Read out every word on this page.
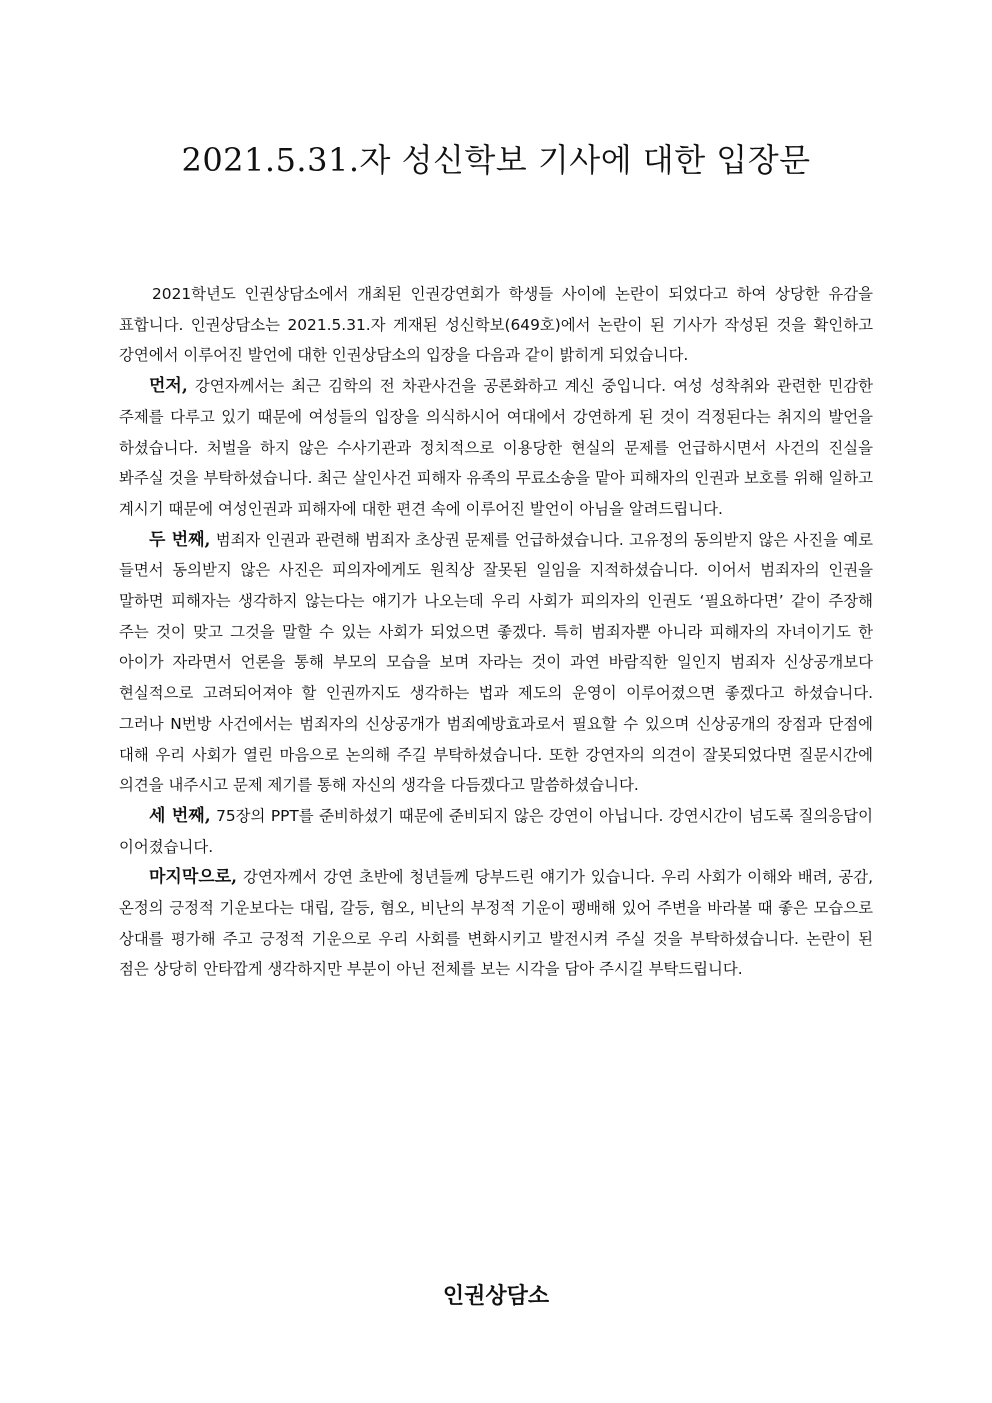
2021.5.31.자 성신학보 기사에 대한 입장문

2021학년도 인권상담소에서 개최된 인권강연회가 학생들 사이에 논란이 되었다고 하여 상당한 유감을 표합니다. 인권상담소는 2021.5.31.자 게재된 성신학보(649호)에서 논란이 된 기사가 작성된 것을 확인하고 강연에서 이루어진 발언에 대한 인권상담소의 입장을 다음과 같이 밝히게 되었습니다.

먼저, 강연자께서는 최근 김학의 전 차관사건을 공론화하고 계신 중입니다. 여성 성착취와 관련한 민감한 주제를 다루고 있기 때문에 여성들의 입장을 의식하시어 여대에서 강연하게 된 것이 걱정된다는 취지의 발언을 하셨습니다. 처벌을 하지 않은 수사기관과 정치적으로 이용당한 현실의 문제를 언급하시면서 사건의 진실을 봐주실 것을 부탁하셨습니다. 최근 살인사건 피해자 유족의 무료소송을 맡아 피해자의 인권과 보호를 위해 일하고 계시기 때문에 여성인권과 피해자에 대한 편견 속에 이루어진 발언이 아님을 알려드립니다.

두 번째, 범죄자 인권과 관련해 범죄자 초상권 문제를 언급하셨습니다. 고유정의 동의받지 않은 사진을 예로 들면서 동의받지 않은 사진은 피의자에게도 원칙상 잘못된 일임을 지적하셨습니다. 이어서 범죄자의 인권을 말하면 피해자는 생각하지 않는다는 얘기가 나오는데 우리 사회가 피의자의 인권도 ‘필요하다면’ 같이 주장해 주는 것이 맞고 그것을 말할 수 있는 사회가 되었으면 좋겠다. 특히 범죄자뿐 아니라 피해자의 자녀이기도 한 아이가 자라면서 언론을 통해 부모의 모습을 보며 자라는 것이 과연 바람직한 일인지 범죄자 신상공개보다 현실적으로 고려되어져야 할 인권까지도 생각하는 법과 제도의 운영이 이루어졌으면 좋겠다고 하셨습니다. 그러나 N번방 사건에서는 범죄자의 신상공개가 범죄예방효과로서 필요할 수 있으며 신상공개의 장점과 단점에 대해 우리 사회가 열린 마음으로 논의해 주길 부탁하셨습니다. 또한 강연자의 의견이 잘못되었다면 질문시간에 의견을 내주시고 문제 제기를 통해 자신의 생각을 다듬겠다고 말씀하셨습니다.

세 번째, 75장의 PPT를 준비하셨기 때문에 준비되지 않은 강연이 아닙니다. 강연시간이 넘도록 질의응답이 이어졌습니다.

마지막으로, 강연자께서 강연 초반에 청년들께 당부드린 얘기가 있습니다. 우리 사회가 이해와 배려, 공감, 온정의 긍정적 기운보다는 대립, 갈등, 혐오, 비난의 부정적 기운이 팽배해 있어 주변을 바라볼 때 좋은 모습으로 상대를 평가해 주고 긍정적 기운으로 우리 사회를 변화시키고 발전시켜 주실 것을 부탁하셨습니다. 논란이 된 점은 상당히 안타깝게 생각하지만 부분이 아닌 전체를 보는 시각을 담아 주시길 부탁드립니다.

인권상담소
